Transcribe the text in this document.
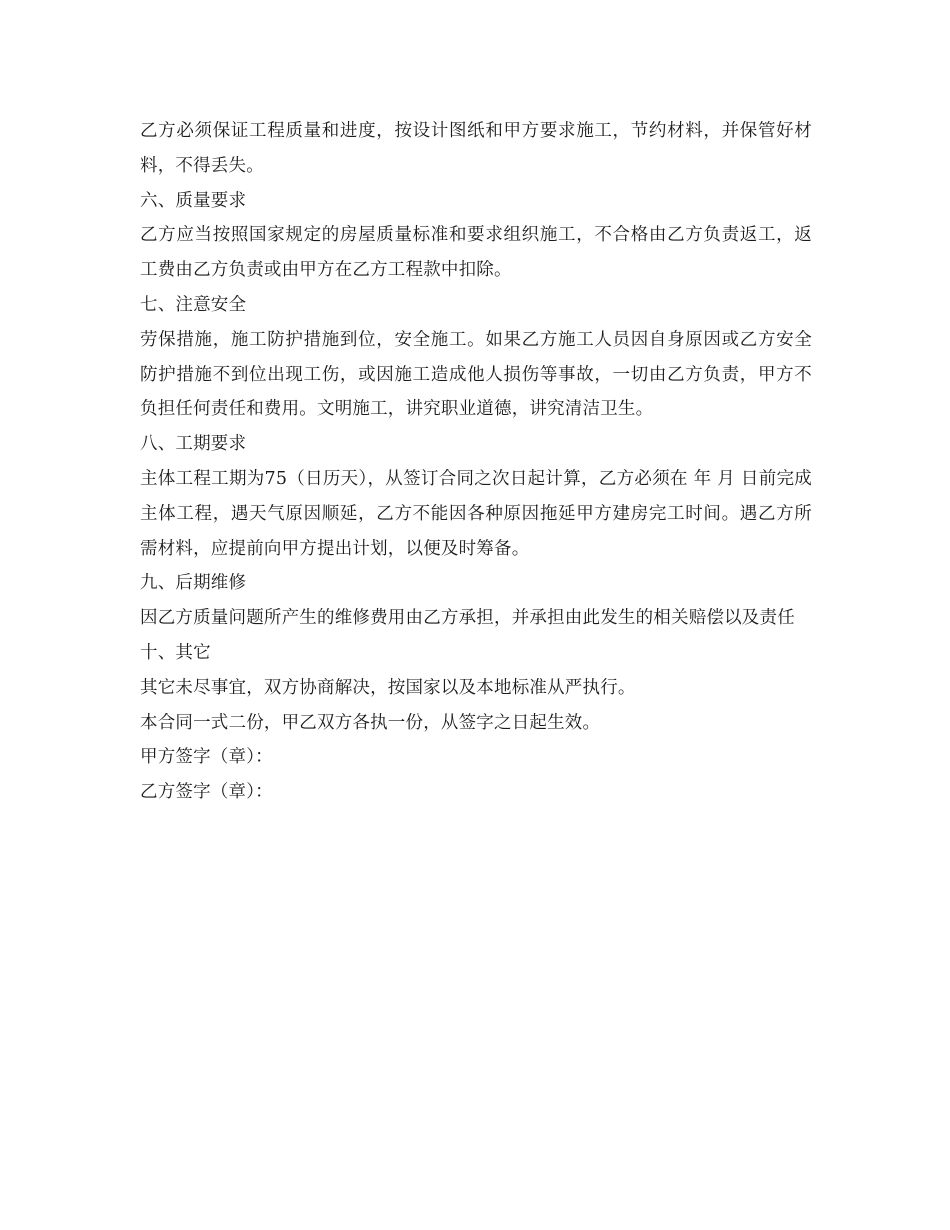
乙方必须保证工程质量和进度，按设计图纸和甲方要求施工，节约材料，并保管好材料，不得丢失。

六、质量要求

乙方应当按照国家规定的房屋质量标准和要求组织施工，不合格由乙方负责返工，返工费由乙方负责或由甲方在乙方工程款中扣除。

七、注意安全

劳保措施，施工防护措施到位，安全施工。如果乙方施工人员因自身原因或乙方安全防护措施不到位出现工伤，或因施工造成他人损伤等事故，一切由乙方负责，甲方不负担任何责任和费用。文明施工，讲究职业道德，讲究清洁卫生。

八、工期要求

主体工程工期为75（日历天），从签订合同之次日起计算，乙方必须在 年 月 日前完成主体工程，遇天气原因顺延，乙方不能因各种原因拖延甲方建房完工时间。遇乙方所需材料，应提前向甲方提出计划，以便及时筹备。

九、后期维修

因乙方质量问题所产生的维修费用由乙方承担，并承担由此发生的相关赔偿以及责任

十、其它

其它未尽事宜，双方协商解决，按国家以及本地标准从严执行。

本合同一式二份，甲乙双方各执一份，从签字之日起生效。

甲方签字（章）：

乙方签字（章）：
